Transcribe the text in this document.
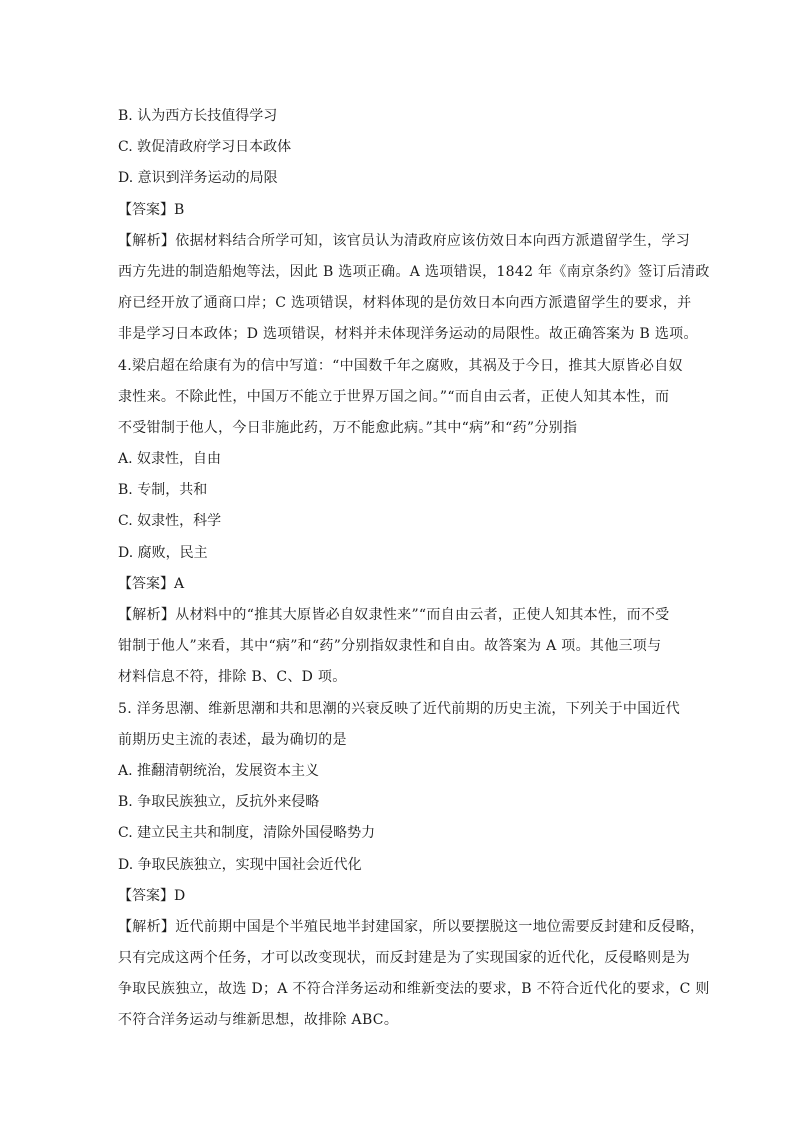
B. 认为西方长技值得学习
C. 敦促清政府学习日本政体
D. 意识到洋务运动的局限
【答案】B
【解析】依据材料结合所学可知，该官员认为清政府应该仿效日本向西方派遣留学生，学习
西方先进的制造船炮等法，因此 B 选项正确。A 选项错误，1842 年《南京条约》签订后清政
府已经开放了通商口岸；C 选项错误，材料体现的是仿效日本向西方派遣留学生的要求，并
非是学习日本政体；D 选项错误，材料并未体现洋务运动的局限性。故正确答案为 B 选项。
4.梁启超在给康有为的信中写道：“中国数千年之腐败，其祸及于今日，推其大原皆必自奴
隶性来。不除此性，中国万不能立于世界万国之间。”“而自由云者，正使人知其本性，而
不受钳制于他人，今日非施此药，万不能愈此病。”其中“病”和“药”分别指
A. 奴隶性，自由
B. 专制，共和
C. 奴隶性，科学
D. 腐败，民主
【答案】A
【解析】从材料中的“推其大原皆必自奴隶性来”“而自由云者，正使人知其本性，而不受
钳制于他人”来看，其中“病”和“药”分别指奴隶性和自由。故答案为 A 项。其他三项与
材料信息不符，排除 B、C、D 项。
5. 洋务思潮、维新思潮和共和思潮的兴衰反映了近代前期的历史主流，下列关于中国近代
前期历史主流的表述，最为确切的是
A. 推翻清朝统治，发展资本主义
B. 争取民族独立，反抗外来侵略
C. 建立民主共和制度，清除外国侵略势力
D. 争取民族独立，实现中国社会近代化
【答案】D
【解析】近代前期中国是个半殖民地半封建国家，所以要摆脱这一地位需要反封建和反侵略，
只有完成这两个任务，才可以改变现状，而反封建是为了实现国家的近代化，反侵略则是为
争取民族独立，故选 D；A 不符合洋务运动和维新变法的要求，B 不符合近代化的要求，C 则
不符合洋务运动与维新思想，故排除 ABC。
